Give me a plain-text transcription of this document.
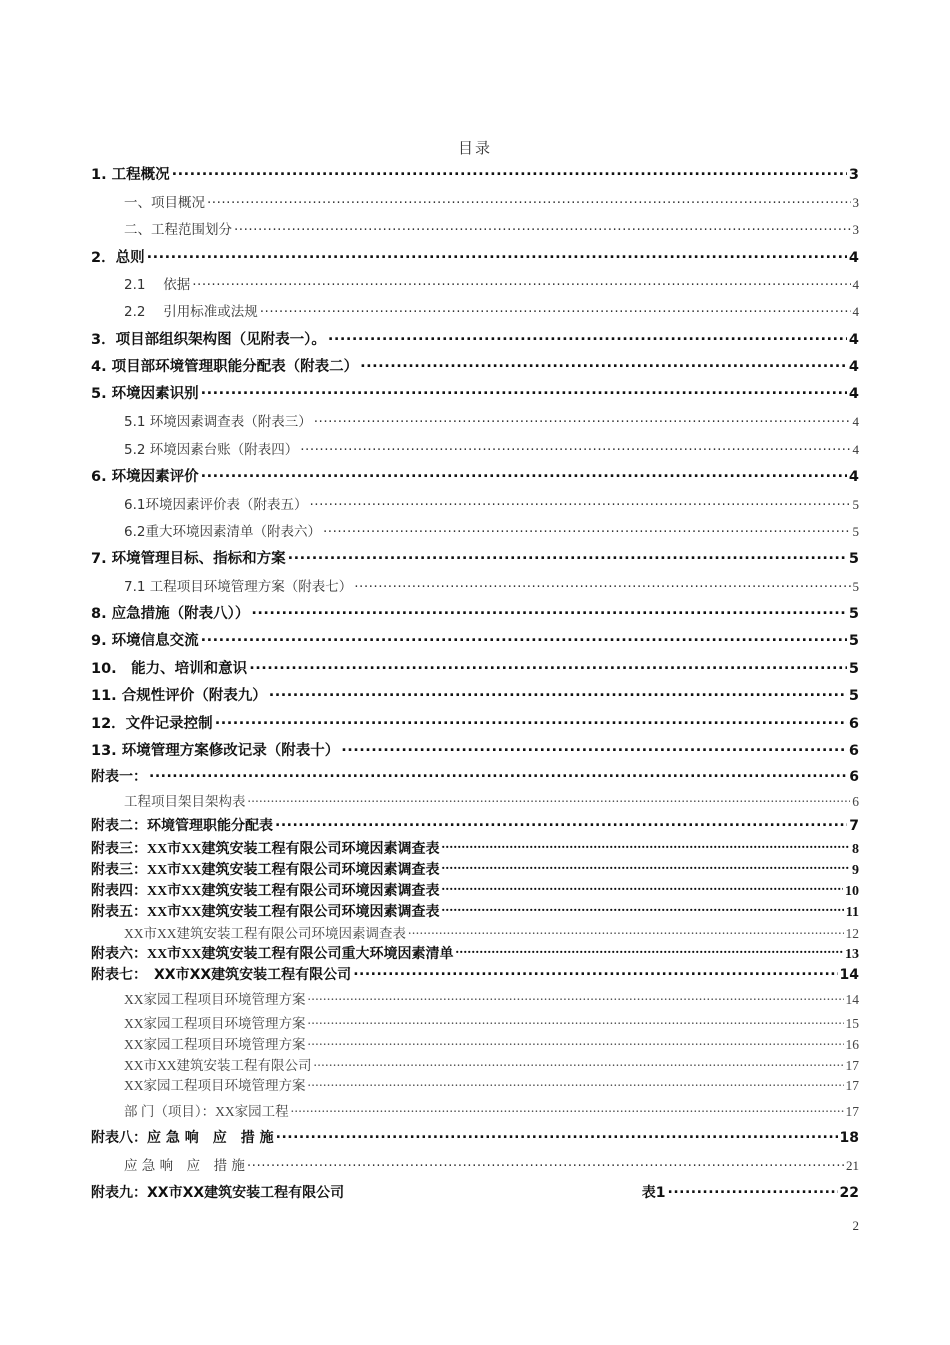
目录
1. 工程概况 .....	3
一、项目概况 .....	3
二、工程范围划分 .....	3
2．总则 .....	4
2.1　 依据 .....	4
2.2　 引用标准或法规 .....	4
3．项目部组织架构图（见附表一）。 .....	4
4. 项目部环境管理职能分配表（附表二） .....	4
5. 环境因素识别 .....	4
5.1 环境因素调查表（附表三） .....	4
5.2 环境因素台账（附表四） .....	4
6. 环境因素评价 .....	4
6.1环境因素评价表（附表五） .....	5
6.2重大环境因素清单（附表六） .....	5
7. 环境管理目标、指标和方案 .....	5
7.1 工程项目环境管理方案（附表七） .....	5
8. 应急措施（附表八）） .....	5
9. 环境信息交流 .....	5
10.　能力、培训和意识 .....	5
11. 合规性评价（附表九） .....	5
12．文件记录控制 .....	6
13. 环境管理方案修改记录（附表十） .....	6
附表一： .....	6
工程项目架目架构表 .....	6
附表二：环境管理职能分配表 .....	7
附表三：XX市XX建筑安装工程有限公司环境因素调查表 .....	8
附表三：XX市XX建筑安装工程有限公司环境因素调查表 .....	9
附表四：XX市XX建筑安装工程有限公司环境因素调查表 .....	10
附表五：XX市XX建筑安装工程有限公司环境因素调查表 .....	11
XX市XX建筑安装工程有限公司环境因素调查表 .....	12
附表六：XX市XX建筑安装工程有限公司重大环境因素清单 .....	13
附表七：　XX市XX建筑安装工程有限公司 .....	14
XX家园工程项目环境管理方案 .....	14
XX家园工程项目环境管理方案 .....	15
XX家园工程项目环境管理方案 .....	16
XX市XX建筑安装工程有限公司 .....	17
XX家园工程项目环境管理方案 .....	17
部 门（项目）：XX家园工程 .....	17
附表八：应 急 响　应　措 施 .....	18
应 急 响　应　措 施 .....	21
附表九：XX市XX建筑安装工程有限公司	表1 .....	22
2
